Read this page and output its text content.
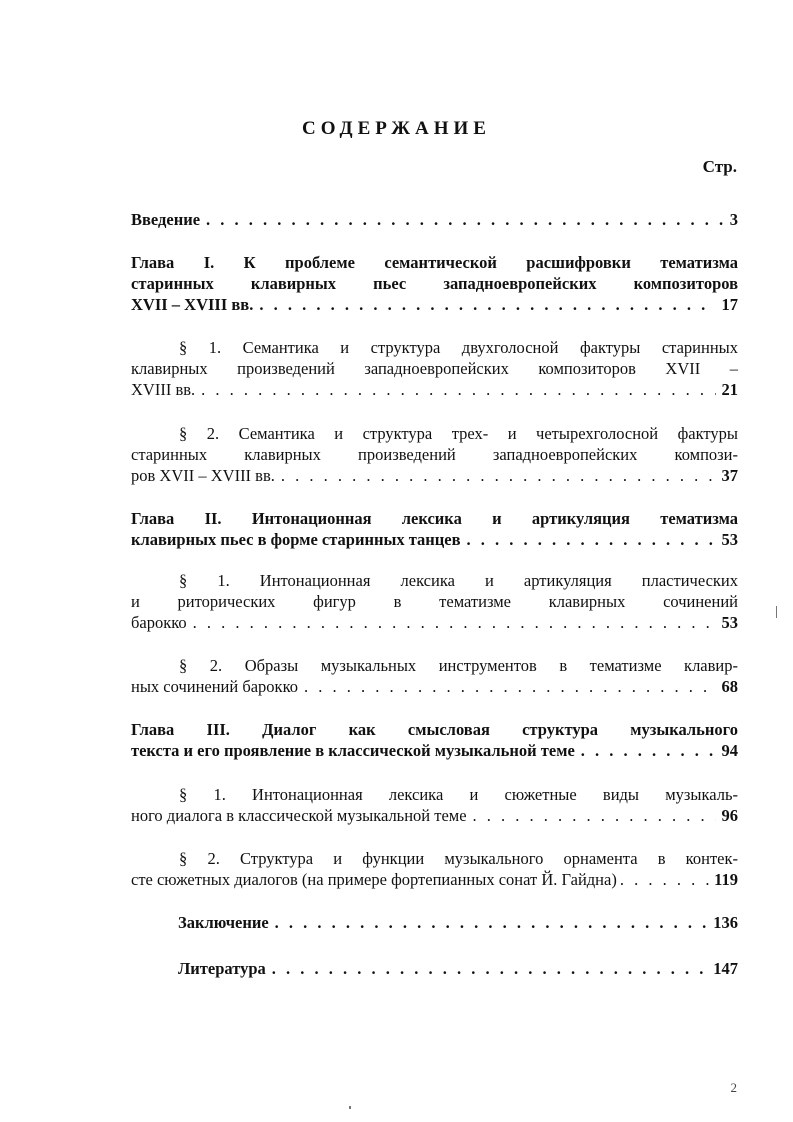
СОДЕРЖАНИЕ
Стр.
Введение . . .	3
Глава I. К проблеме семантической расшифровки тематизма
старинных клавирных пьес западноевропейских композиторов
XVII – XVIII вв. . . .	17
§ 1. Семантика и структура двухголосной фактуры старинных
клавирных произведений западноевропейских композиторов XVII –
XVIII вв. . . .	21
§ 2. Семантика и структура трех- и четырехголосной фактуры
старинных клавирных произведений западноевропейских компози-
ров XVII – XVIII вв. . . .	37
Глава II. Интонационная лексика и артикуляция тематизма
клавирных пьес в форме старинных танцев . . .	53
§ 1. Интонационная лексика и артикуляция пластических
и риторических фигур в тематизме клавирных сочинений
барокко . . .	53
§ 2. Образы музыкальных инструментов в тематизме клавир-
ных сочинений барокко . . .	68
Глава III. Диалог как смысловая структура музыкального
текста и его проявление в классической музыкальной теме . . .	94
§ 1. Интонационная лексика и сюжетные виды музыкаль-
ного диалога в классической музыкальной теме . . .	96
§ 2. Структура и функции музыкального орнамента в контек-
сте сюжетных диалогов (на примере фортепианных сонат Й. Гайдна) . . .	119
Заключение . . .	136
Литература . . .	147
2
